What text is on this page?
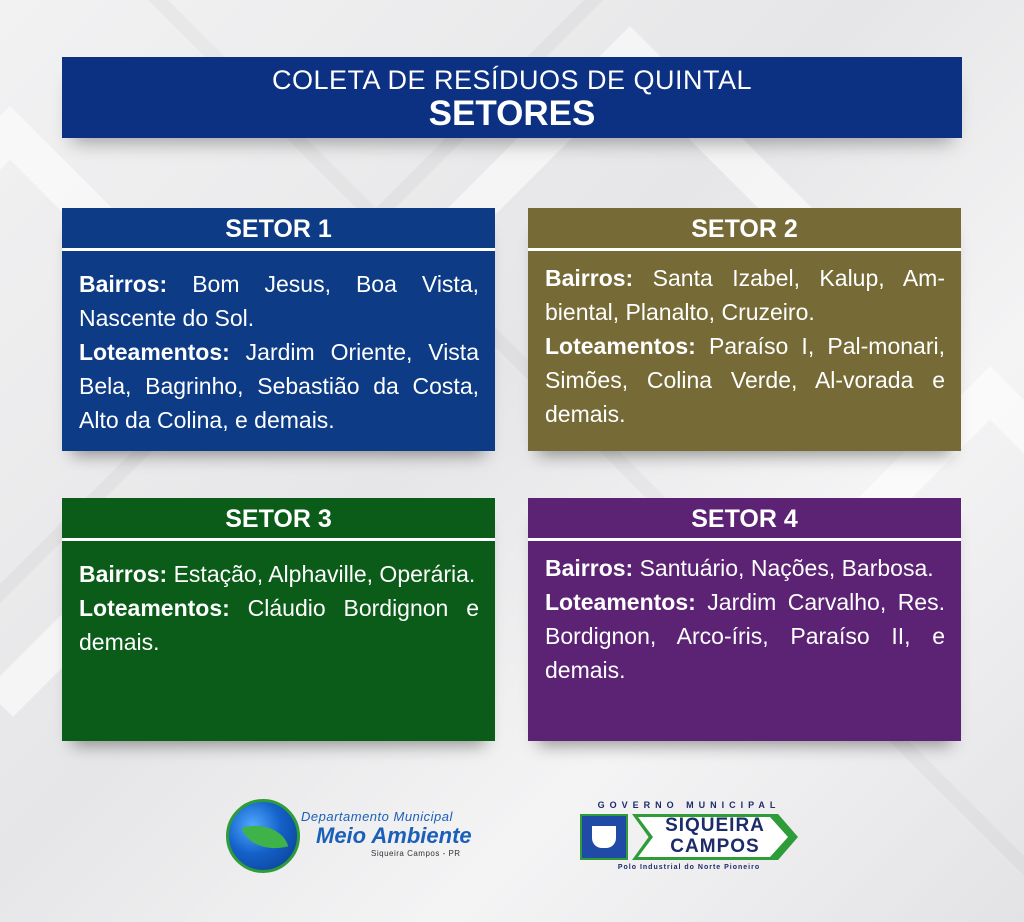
COLETA DE RESÍDUOS DE QUINTAL
SETORES
SETOR 1

Bairros: Bom Jesus, Boa Vista, Nascente do Sol.

Loteamentos: Jardim Oriente, Vista Bela, Bagrinho, Sebastião da Costa, Alto da Colina, e demais.

SETOR 2

Bairros: Santa Izabel, Kalup, Am-biental, Planalto, Cruzeiro.

Loteamentos: Paraíso I, Pal-monari, Simões, Colina Verde, Al-vorada e demais.

SETOR 3

Bairros: Estação, Alphaville, Operária.

Loteamentos: Cláudio Bordignon e demais.

SETOR 4

Bairros: Santuário, Nações, Barbosa.

Loteamentos: Jardim Carvalho, Res. Bordignon, Arco-íris, Paraíso II, e demais.

Departamento Municipal
Meio Ambiente
Siqueira Campos - PR
GOVERNO MUNICIPAL
SIQUEIRA
CAMPOS
Polo Industrial do Norte Pioneiro
